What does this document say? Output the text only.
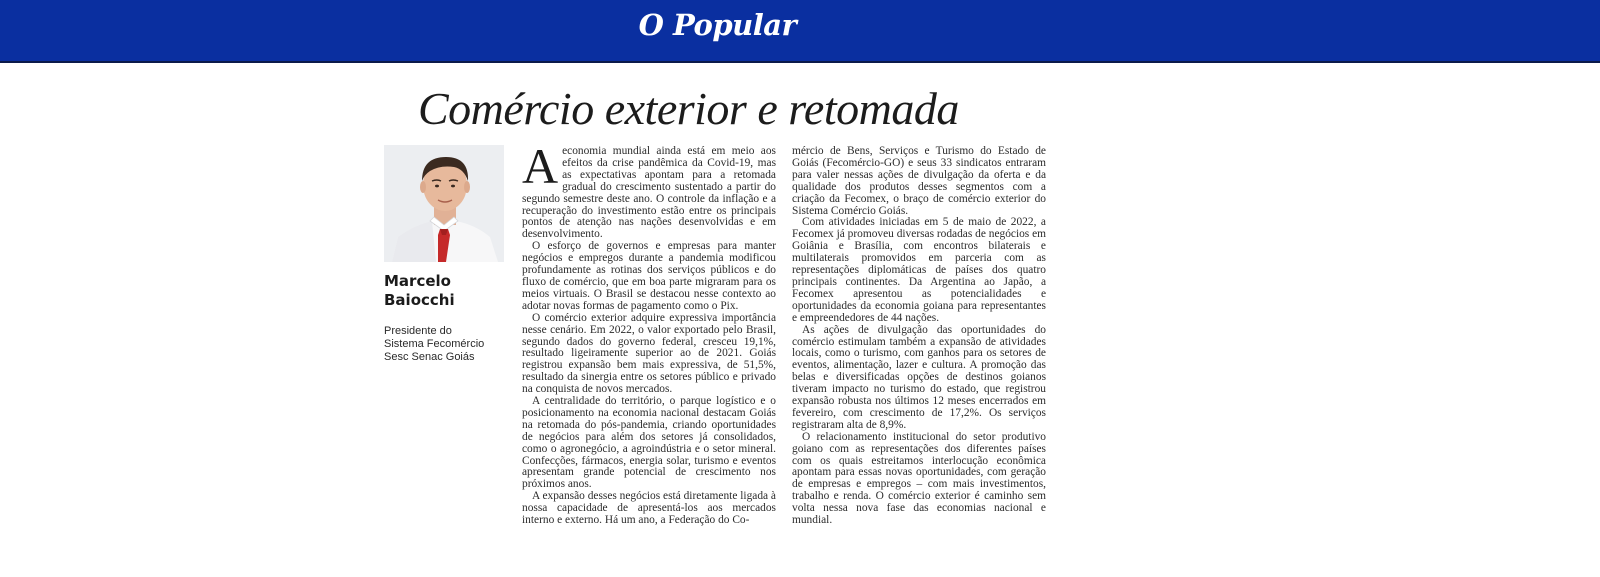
O Popular
Comércio exterior e retomada
Marcelo Baiocchi
Presidente do
Sistema Fecomércio
Sesc Senac Goiás

Aeconomia mundial ainda está em meio aos efeitos da crise pandêmica da Covid-19, mas as expectativas apontam para a retomada gradual do crescimento sustentado a partir do segundo semestre deste ano. O controle da inflação e a recuperação do investimento estão entre os principais pontos de atenção nas nações desenvolvidas e em desenvolvimento.

O esforço de governos e empresas para manter negócios e empregos durante a pandemia modificou profundamente as rotinas dos serviços públicos e do fluxo de comércio, que em boa parte migraram para os meios virtuais. O Brasil se destacou nesse contexto ao adotar novas formas de pagamento como o Pix.

O comércio exterior adquire expressiva importância nesse cenário. Em 2022, o valor exportado pelo Brasil, segundo dados do governo federal, cresceu 19,1%, resultado ligeiramente superior ao de 2021. Goiás registrou expansão bem mais expressiva, de 51,5%, resultado da sinergia entre os setores público e privado na conquista de novos mercados.

A centralidade do território, o parque logístico e o posicionamento na economia nacional destacam Goiás na retomada do pós-pandemia, criando oportunidades de negócios para além dos setores já consolidados, como o agronegócio, a agroindústria e o setor mineral. Confecções, fármacos, energia solar, turismo e eventos apresentam grande potencial de crescimento nos próximos anos.

A expansão desses negócios está diretamente ligada à nossa capacidade de apresentá-los aos mercados interno e externo. Há um ano, a Federação do Co-

mércio de Bens, Serviços e Turismo do Estado de Goiás (Fecomércio-GO) e seus 33 sindicatos entraram para valer nessas ações de divulgação da oferta e da qualidade dos produtos desses segmentos com a criação da Fecomex, o braço de comércio exterior do Sistema Comércio Goiás.

Com atividades iniciadas em 5 de maio de 2022, a Fecomex já promoveu diversas rodadas de negócios em Goiânia e Brasília, com encontros bilaterais e multilaterais promovidos em parceria com as representações diplomáticas de países dos quatro principais continentes. Da Argentina ao Japão, a Fecomex apresentou as potencialidades e oportunidades da economia goiana para representantes e empreendedores de 44 nações.

As ações de divulgação das oportunidades do comércio estimulam também a expansão de atividades locais, como o turismo, com ganhos para os setores de eventos, alimentação, lazer e cultura. A promoção das belas e diversificadas opções de destinos goianos tiveram impacto no turismo do estado, que registrou expansão robusta nos últimos 12 meses encerrados em fevereiro, com crescimento de 17,2%. Os serviços registraram alta de 8,9%.

O relacionamento institucional do setor produtivo goiano com as representações dos diferentes países com os quais estreitamos interlocução econômica apontam para essas novas oportunidades, com geração de empresas e empregos – com mais investimentos, trabalho e renda. O comércio exterior é caminho sem volta nessa nova fase das economias nacional e mundial.
